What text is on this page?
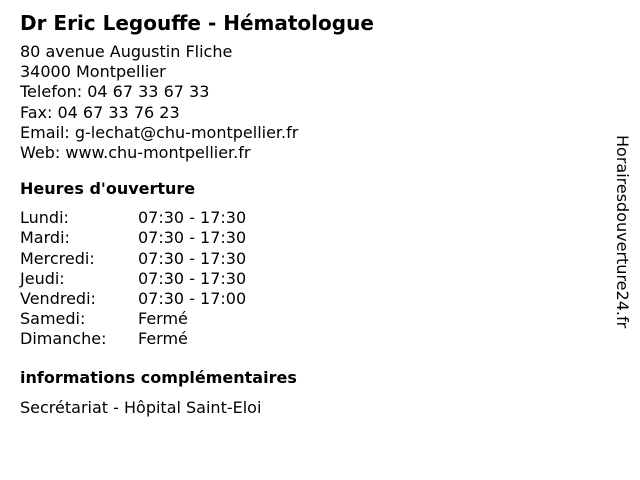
Dr Eric Legouffe - Hématologue
80 avenue Augustin Fliche
34000 Montpellier
Telefon: 04 67 33 67 33
Fax: 04 67 33 76 23
Email: g-lechat@chu-montpellier.fr
Web: www.chu-montpellier.fr
Heures d'ouverture
Lundi:	07:30 - 17:30
Mardi:	07:30 - 17:30
Mercredi:	07:30 - 17:30
Jeudi:	07:30 - 17:30
Vendredi:	07:30 - 17:00
Samedi:	Fermé
Dimanche:	Fermé
informations complémentaires
Secrétariat - Hôpital Saint-Eloi
Horairesdouverture24.fr
